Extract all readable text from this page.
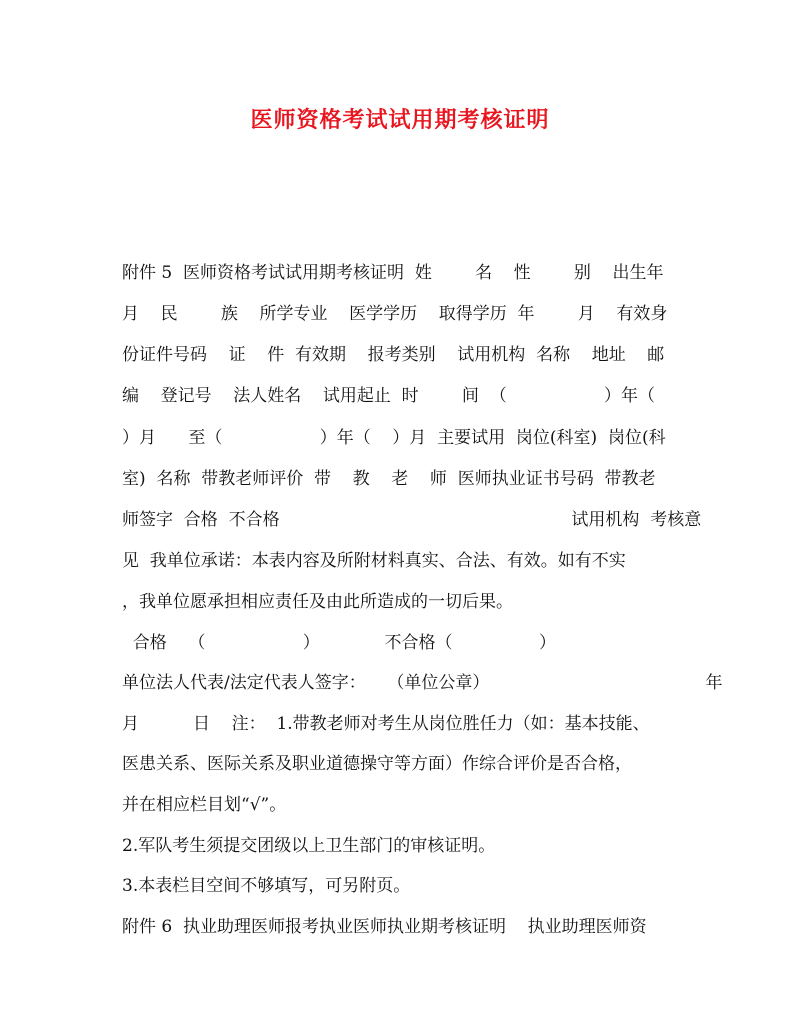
医师资格考试试用期考核证明
附件 5  医师资格考试试用期考核证明  姓        名    性        别    出生年
月    民        族    所学专业    医学学历    取得学历  年        月    有效身
份证件号码    证    件  有效期    报考类别    试用机构  名称    地址    邮
编    登记号    法人姓名    试用起止  时        间  （                  ）年（
）月      至（                  ）年（    ）月  主要试用  岗位(科室)  岗位(科
室)  名称  带教老师评价  带    教    老    师  医师执业证书号码  带教老
师签字  合格  不合格                                                      试用机构  考核意
见  我单位承诺：本表内容及所附材料真实、合法、有效。如有不实
，我单位愿承担相应责任及由此所造成的一切后果。
合格    （                  ）            不合格（                ）
单位法人代表/法定代表人签字：    （单位公章）                                        年
月          日    注：  1.带教老师对考生从岗位胜任力（如：基本技能、
医患关系、医际关系及职业道德操守等方面）作综合评价是否合格，
并在相应栏目划“√”。
2.军队考生须提交团级以上卫生部门的审核证明。
3.本表栏目空间不够填写，可另附页。
附件 6  执业助理医师报考执业医师执业期考核证明    执业助理医师资
